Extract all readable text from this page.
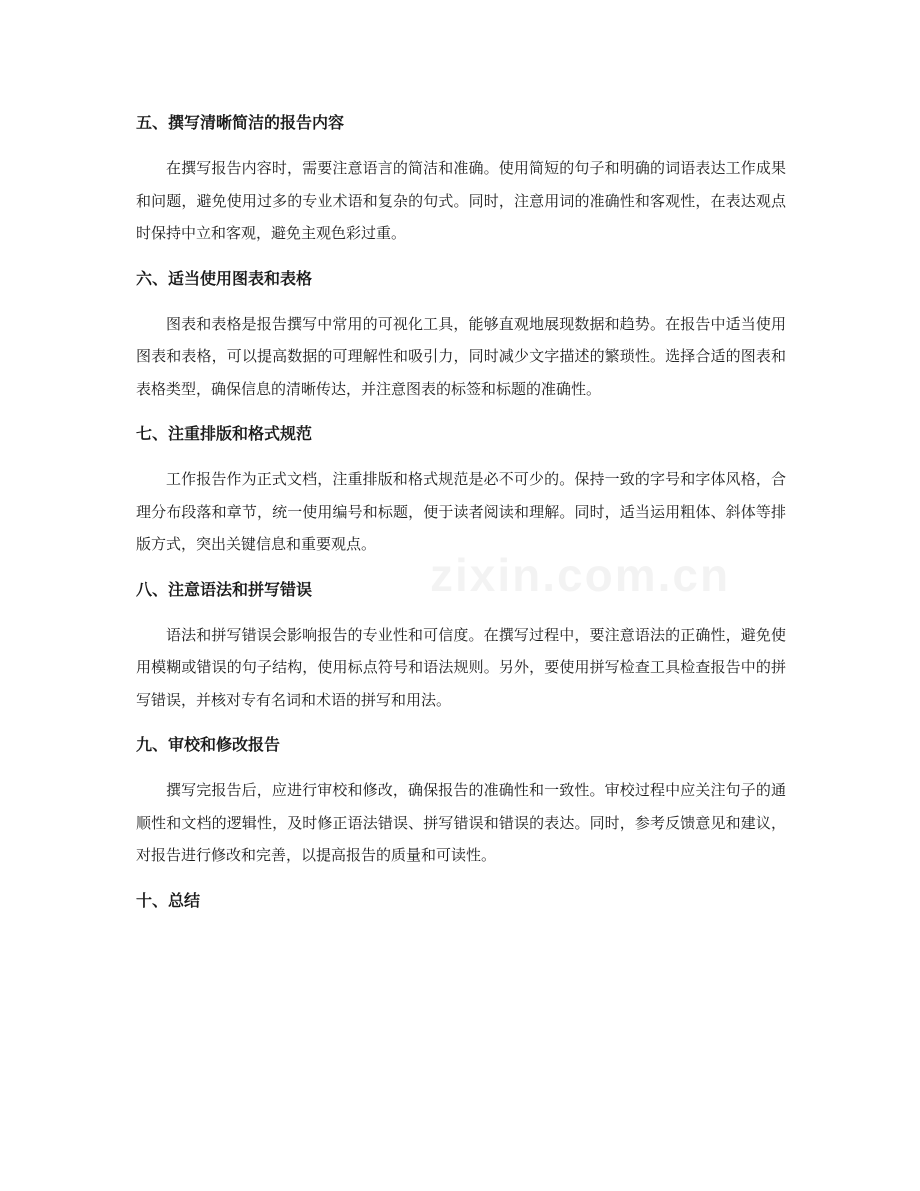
五、撰写清晰简洁的报告内容

在撰写报告内容时，需要注意语言的简洁和准确。使用简短的句子和明确的词语表达工作成果和问题，避免使用过多的专业术语和复杂的句式。同时，注意用词的准确性和客观性，在表达观点时保持中立和客观，避免主观色彩过重。

六、适当使用图表和表格

图表和表格是报告撰写中常用的可视化工具，能够直观地展现数据和趋势。在报告中适当使用图表和表格，可以提高数据的可理解性和吸引力，同时减少文字描述的繁琐性。选择合适的图表和表格类型，确保信息的清晰传达，并注意图表的标签和标题的准确性。

七、注重排版和格式规范

工作报告作为正式文档，注重排版和格式规范是必不可少的。保持一致的字号和字体风格，合理分布段落和章节，统一使用编号和标题，便于读者阅读和理解。同时，适当运用粗体、斜体等排版方式，突出关键信息和重要观点。

八、注意语法和拼写错误

语法和拼写错误会影响报告的专业性和可信度。在撰写过程中，要注意语法的正确性，避免使用模糊或错误的句子结构，使用标点符号和语法规则。另外，要使用拼写检查工具检查报告中的拼写错误，并核对专有名词和术语的拼写和用法。

九、审校和修改报告

撰写完报告后，应进行审校和修改，确保报告的准确性和一致性。审校过程中应关注句子的通顺性和文档的逻辑性，及时修正语法错误、拼写错误和错误的表达。同时，参考反馈意见和建议，对报告进行修改和完善，以提高报告的质量和可读性。

十、总结
